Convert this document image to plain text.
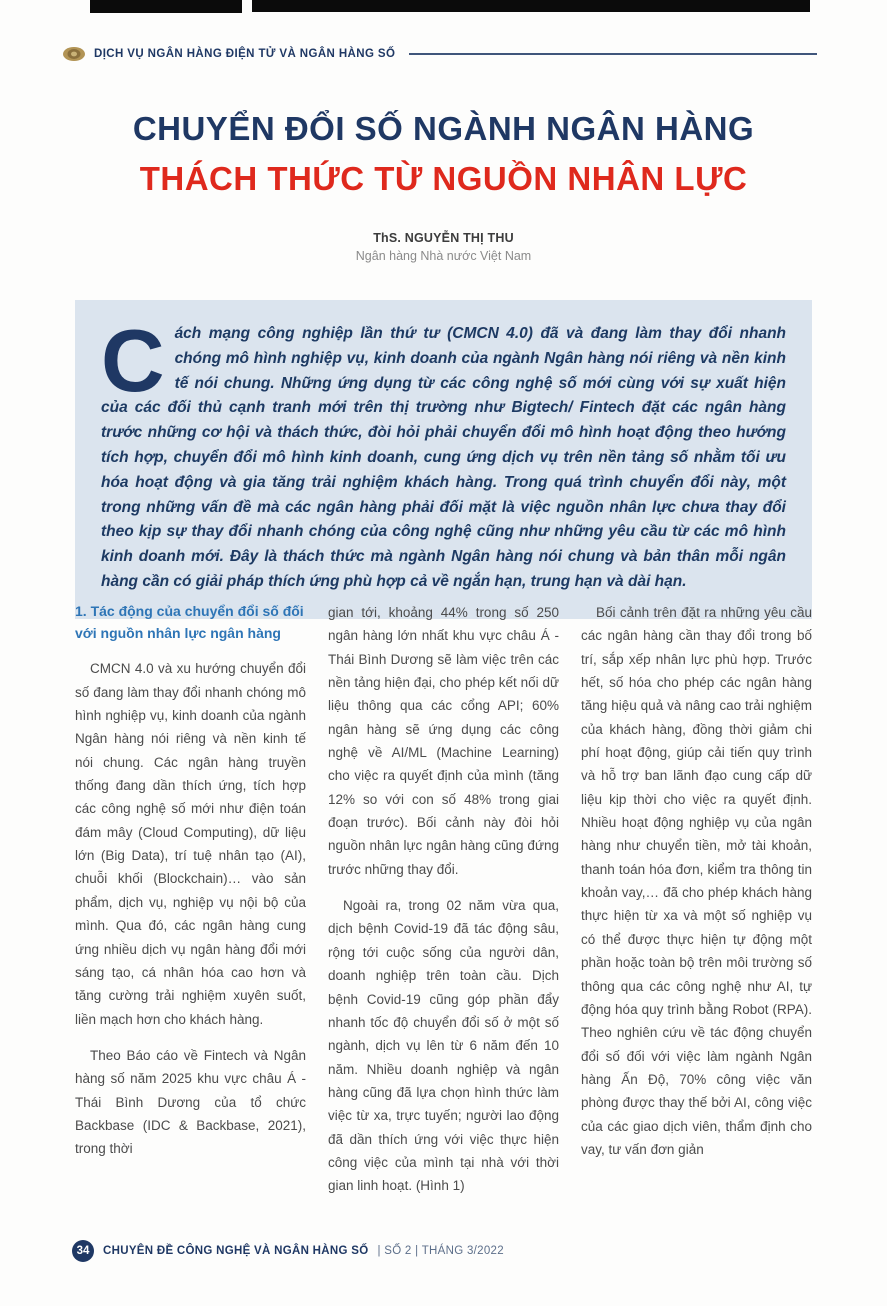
DỊCH VỤ NGÂN HÀNG ĐIỆN TỬ VÀ NGÂN HÀNG SỐ
CHUYỂN ĐỔI SỐ NGÀNH NGÂN HÀNG
THÁCH THỨC TỪ NGUỒN NHÂN LỰC
ThS. NGUYỄN THỊ THU
Ngân hàng Nhà nước Việt Nam
Cách mạng công nghiệp lần thứ tư (CMCN 4.0) đã và đang làm thay đổi nhanh chóng mô hình nghiệp vụ, kinh doanh của ngành Ngân hàng nói riêng và nền kinh tế nói chung. Những ứng dụng từ các công nghệ số mới cùng với sự xuất hiện của các đối thủ cạnh tranh mới trên thị trường như Bigtech/ Fintech đặt các ngân hàng trước những cơ hội và thách thức, đòi hỏi phải chuyển đổi mô hình hoạt động theo hướng tích hợp, chuyển đổi mô hình kinh doanh, cung ứng dịch vụ trên nền tảng số nhằm tối ưu hóa hoạt động và gia tăng trải nghiệm khách hàng. Trong quá trình chuyển đổi này, một trong những vấn đề mà các ngân hàng phải đối mặt là việc nguồn nhân lực chưa thay đổi theo kịp sự thay đổi nhanh chóng của công nghệ cũng như những yêu cầu từ các mô hình kinh doanh mới. Đây là thách thức mà ngành Ngân hàng nói chung và bản thân mỗi ngân hàng cần có giải pháp thích ứng phù hợp cả về ngắn hạn, trung hạn và dài hạn.

1. Tác động của chuyển đổi số đối với nguồn nhân lực ngân hàng

CMCN 4.0 và xu hướng chuyển đổi số đang làm thay đổi nhanh chóng mô hình nghiệp vụ, kinh doanh của ngành Ngân hàng nói riêng và nền kinh tế nói chung. Các ngân hàng truyền thống đang dần thích ứng, tích hợp các công nghệ số mới như điện toán đám mây (Cloud Computing), dữ liệu lớn (Big Data), trí tuệ nhân tạo (AI), chuỗi khối (Blockchain)… vào sản phẩm, dịch vụ, nghiệp vụ nội bộ của mình. Qua đó, các ngân hàng cung ứng nhiều dịch vụ ngân hàng đổi mới sáng tạo, cá nhân hóa cao hơn và tăng cường trải nghiệm xuyên suốt, liền mạch hơn cho khách hàng.

Theo Báo cáo về Fintech và Ngân hàng số năm 2025 khu vực châu Á - Thái Bình Dương của tổ chức Backbase (IDC & Backbase, 2021), trong thời

gian tới, khoảng 44% trong số 250 ngân hàng lớn nhất khu vực châu Á - Thái Bình Dương sẽ làm việc trên các nền tảng hiện đại, cho phép kết nối dữ liệu thông qua các cổng API; 60% ngân hàng sẽ ứng dụng các công nghệ về AI/ML (Machine Learning) cho việc ra quyết định của mình (tăng 12% so với con số 48% trong giai đoạn trước). Bối cảnh này đòi hỏi nguồn nhân lực ngân hàng cũng đứng trước những thay đổi.

Ngoài ra, trong 02 năm vừa qua, dịch bệnh Covid-19 đã tác động sâu, rộng tới cuộc sống của người dân, doanh nghiệp trên toàn cầu. Dịch bệnh Covid-19 cũng góp phần đẩy nhanh tốc độ chuyển đổi số ở một số ngành, dịch vụ lên từ 6 năm đến 10 năm. Nhiều doanh nghiệp và ngân hàng cũng đã lựa chọn hình thức làm việc từ xa, trực tuyến; người lao động đã dần thích ứng với việc thực hiện công việc của mình tại nhà với thời gian linh hoạt. (Hình 1)

Bối cảnh trên đặt ra những yêu cầu các ngân hàng cần thay đổi trong bố trí, sắp xếp nhân lực phù hợp. Trước hết, số hóa cho phép các ngân hàng tăng hiệu quả và nâng cao trải nghiệm của khách hàng, đồng thời giảm chi phí hoạt động, giúp cải tiến quy trình và hỗ trợ ban lãnh đạo cung cấp dữ liệu kịp thời cho việc ra quyết định. Nhiều hoạt động nghiệp vụ của ngân hàng như chuyển tiền, mở tài khoản, thanh toán hóa đơn, kiểm tra thông tin khoản vay,… đã cho phép khách hàng thực hiện từ xa và một số nghiệp vụ có thể được thực hiện tự động một phần hoặc toàn bộ trên môi trường số thông qua các công nghệ như AI, tự động hóa quy trình bằng Robot (RPA). Theo nghiên cứu về tác động chuyển đổi số đối với việc làm ngành Ngân hàng Ấn Độ, 70% công việc văn phòng được thay thế bởi AI, công việc của các giao dịch viên, thẩm định cho vay, tư vấn đơn giản

34	CHUYÊN ĐỀ CÔNG NGHỆ VÀ NGÂN HÀNG SỐ | SỐ 2 | THÁNG 3/2022
